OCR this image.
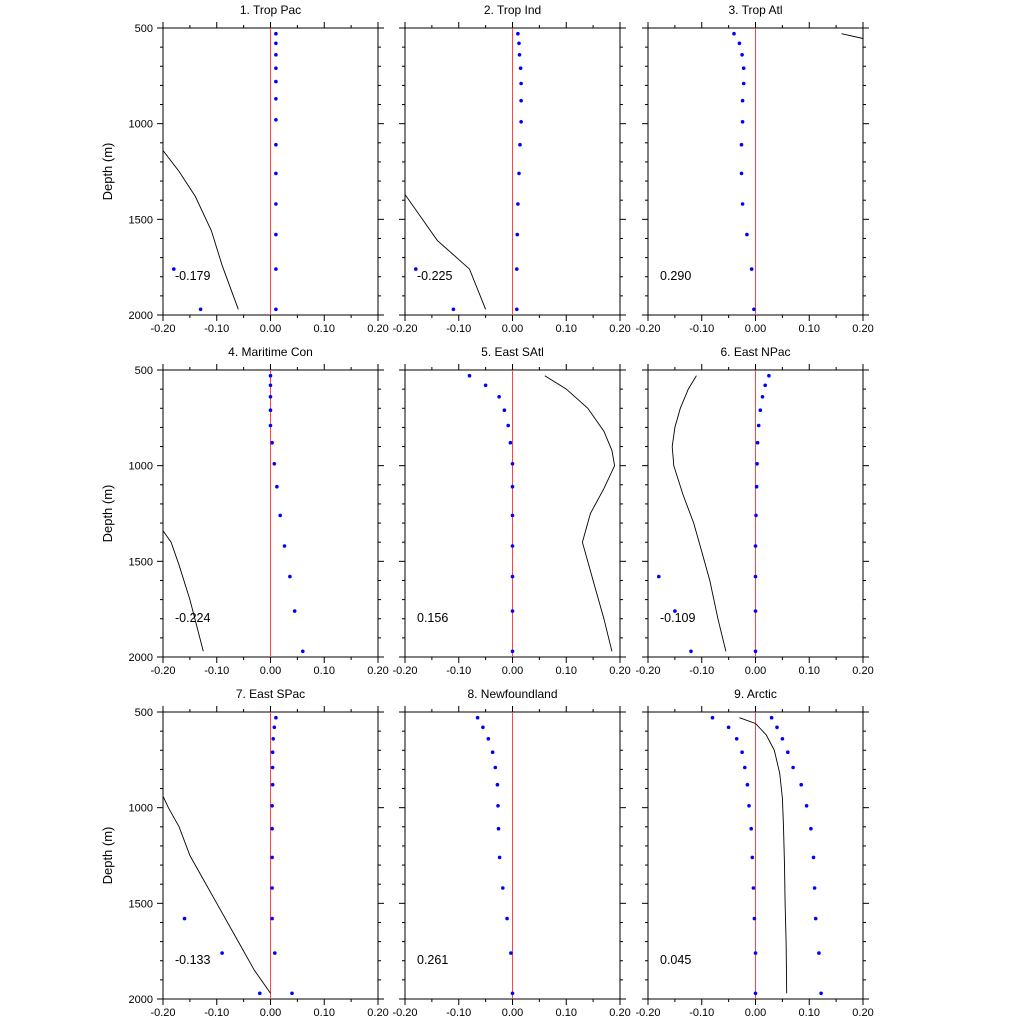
1. Trop Pac
-0.20	-0.10	0.00	0.10	0.20
500
1000
1500
2000
-0.179
2. Trop Ind
-0.20	-0.10	0.00	0.10	0.20
-0.225
3. Trop Atl
-0.20	-0.10	0.00	0.10	0.20
0.290
4. Maritime Con
-0.20	-0.10	0.00	0.10	0.20
500
1000
1500
2000
-0.224
5. East SAtl
-0.20	-0.10	0.00	0.10	0.20
0.156
6. East NPac
-0.20	-0.10	0.00	0.10	0.20
-0.109
7. East SPac
-0.20	-0.10	0.00	0.10	0.20
500
1000
1500
2000
-0.133
8. Newfoundland
-0.20	-0.10	0.00	0.10	0.20
0.261
9. Arctic
-0.20	-0.10	0.00	0.10	0.20
0.045
Depth (m)
Depth (m)
Depth (m)
